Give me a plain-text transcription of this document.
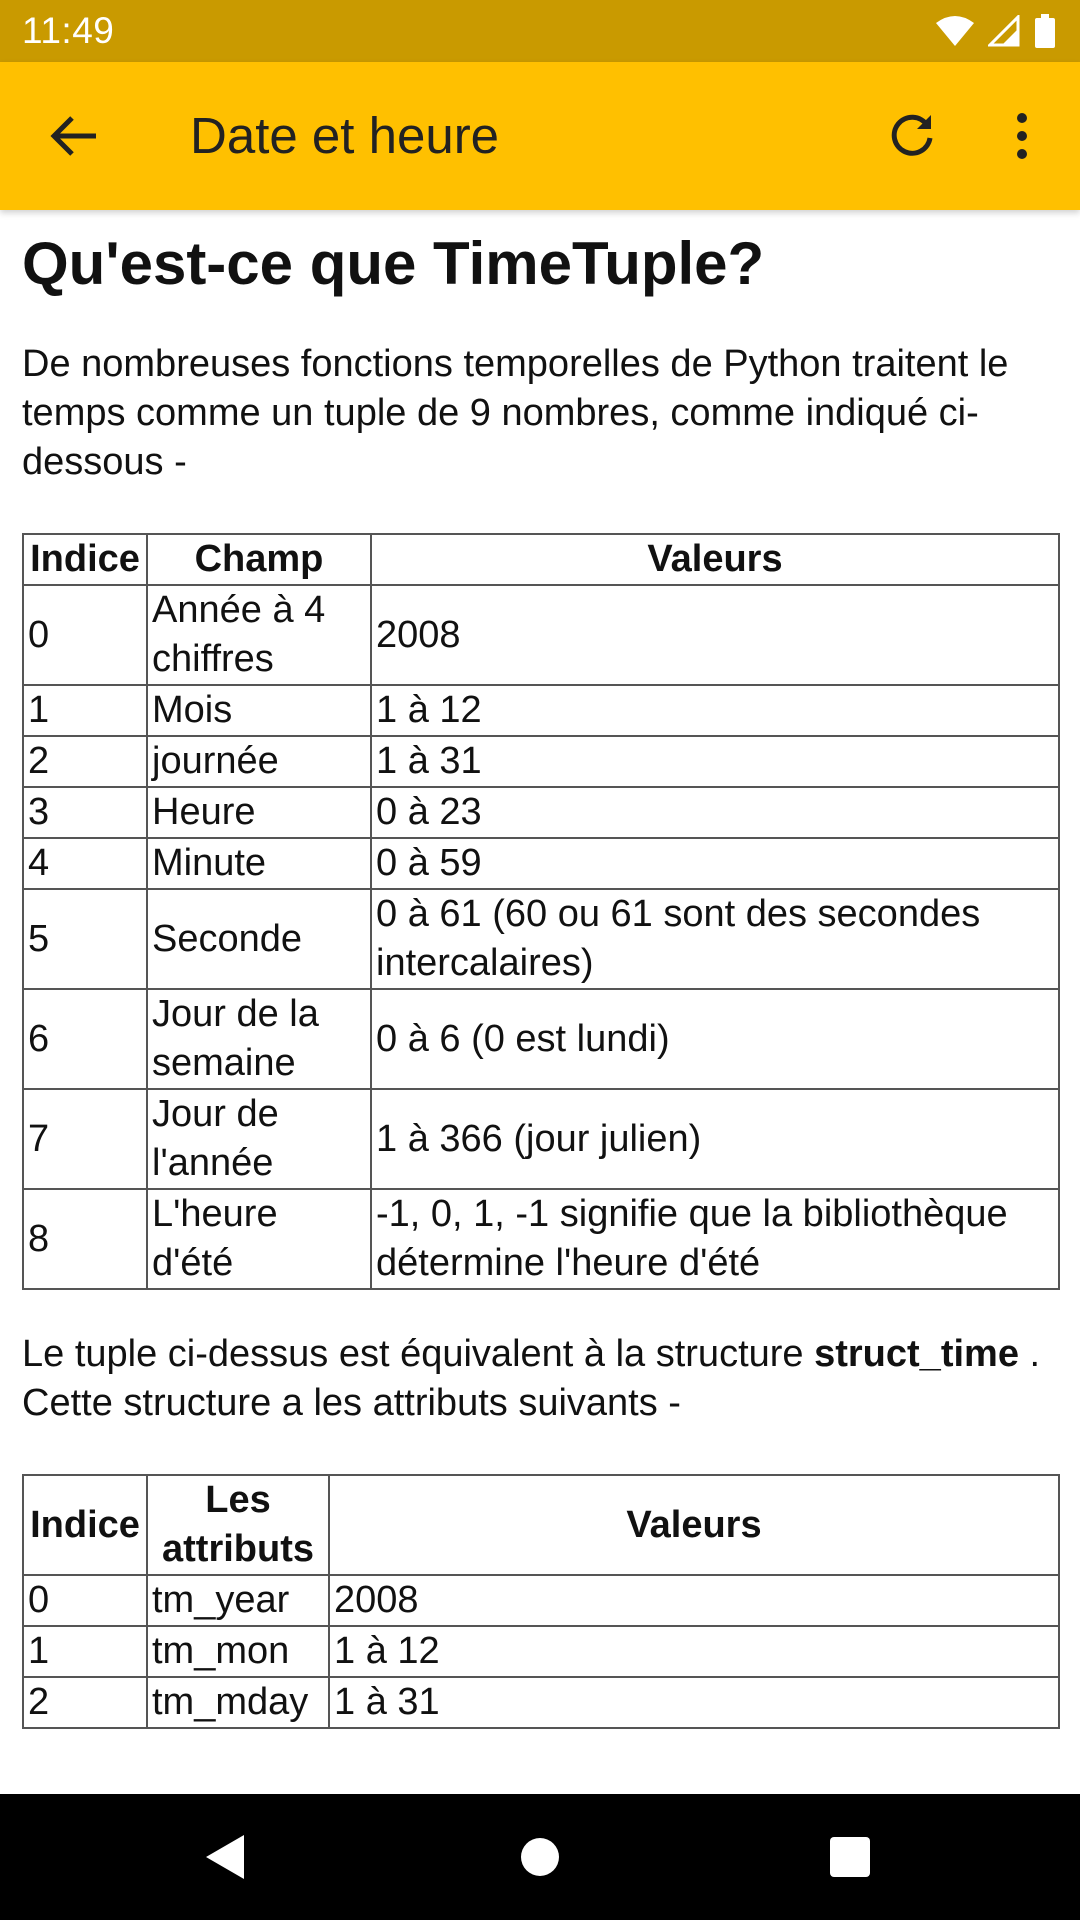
11:49
Date et heure
Qu'est-ce que TimeTuple?

De nombreuses fonctions temporelles de Python traitent le temps comme un tuple de 9 nombres, comme indiqué ci-dessous -

Indice	Champ	Valeurs
0	Année à 4 chiffres	2008
1	Mois	1 à 12
2	journée	1 à 31
3	Heure	0 à 23
4	Minute	0 à 59
5	Seconde	0 à 61 (60 ou 61 sont des secondes intercalaires)
6	Jour de la semaine	0 à 6 (0 est lundi)
7	Jour de l'année	1 à 366 (jour julien)
8	L'heure d'été	-1, 0, 1, -1 signifie que la bibliothèque détermine l'heure d'été

Le tuple ci-dessus est équivalent à la structure struct_time . Cette structure a les attributs suivants -

Indice	Les attributs	Valeurs
0	tm_year	2008
1	tm_mon	1 à 12
2	tm_mday	1 à 31
